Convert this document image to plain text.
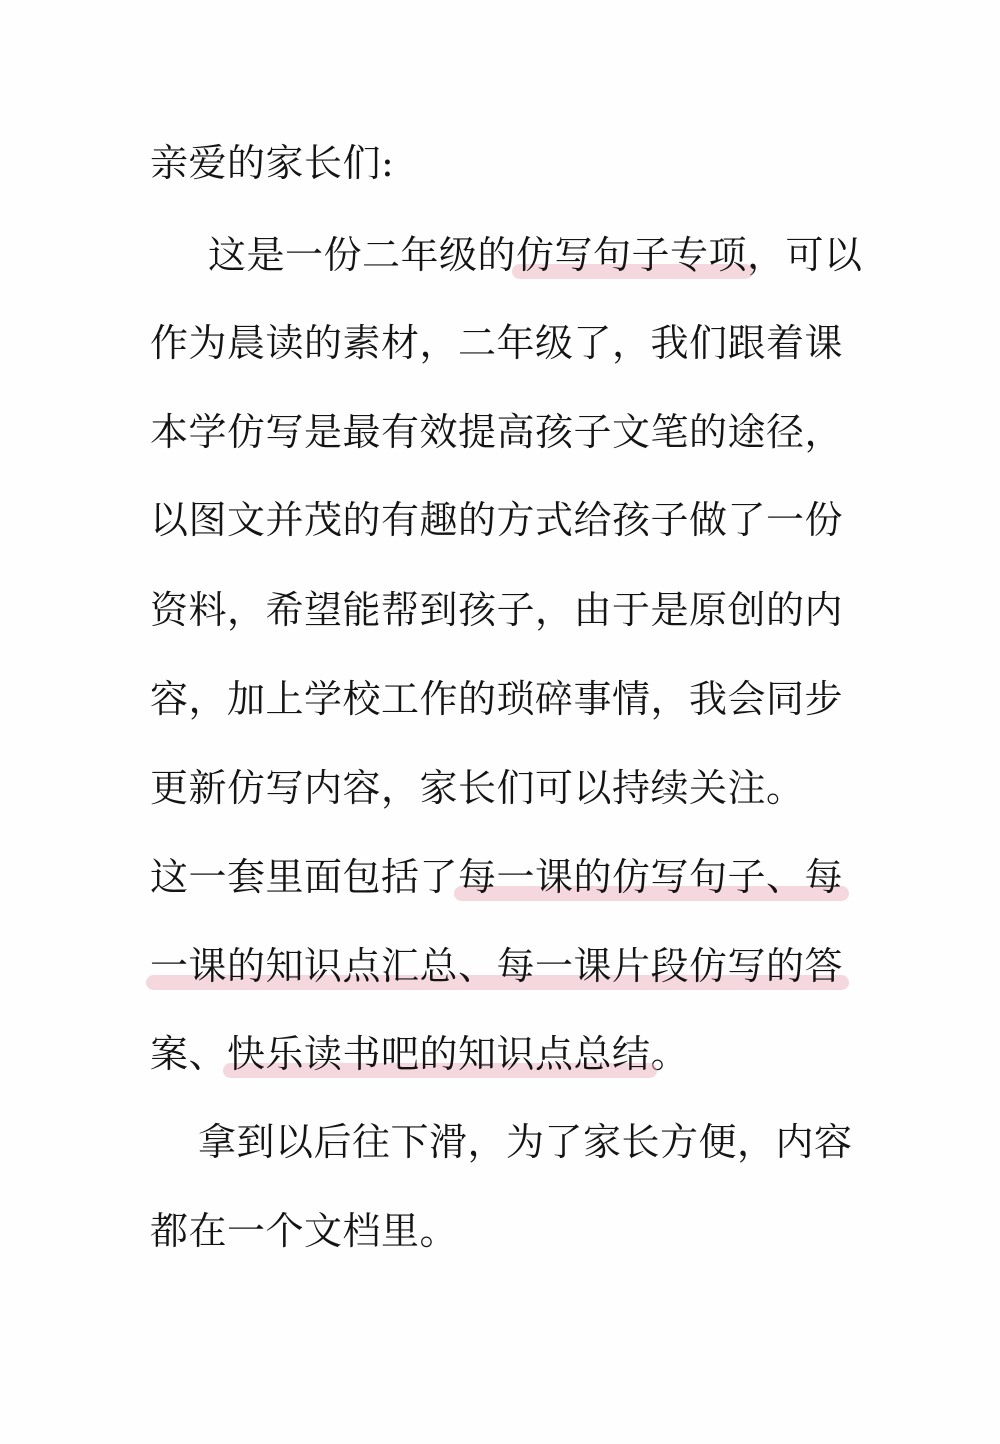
亲爱的家长们:
这是一份二年级的仿写句子专项，可以
作为晨读的素材，二年级了，我们跟着课
本学仿写是最有效提高孩子文笔的途径，
以图文并茂的有趣的方式给孩子做了一份
资料，希望能帮到孩子，由于是原创的内
容，加上学校工作的琐碎事情，我会同步
更新仿写内容，家长们可以持续关注。
这一套里面包括了每一课的仿写句子、每
一课的知识点汇总、每一课片段仿写的答
案、快乐读书吧的知识点总结。
拿到以后往下滑，为了家长方便，内容
都在一个文档里。
